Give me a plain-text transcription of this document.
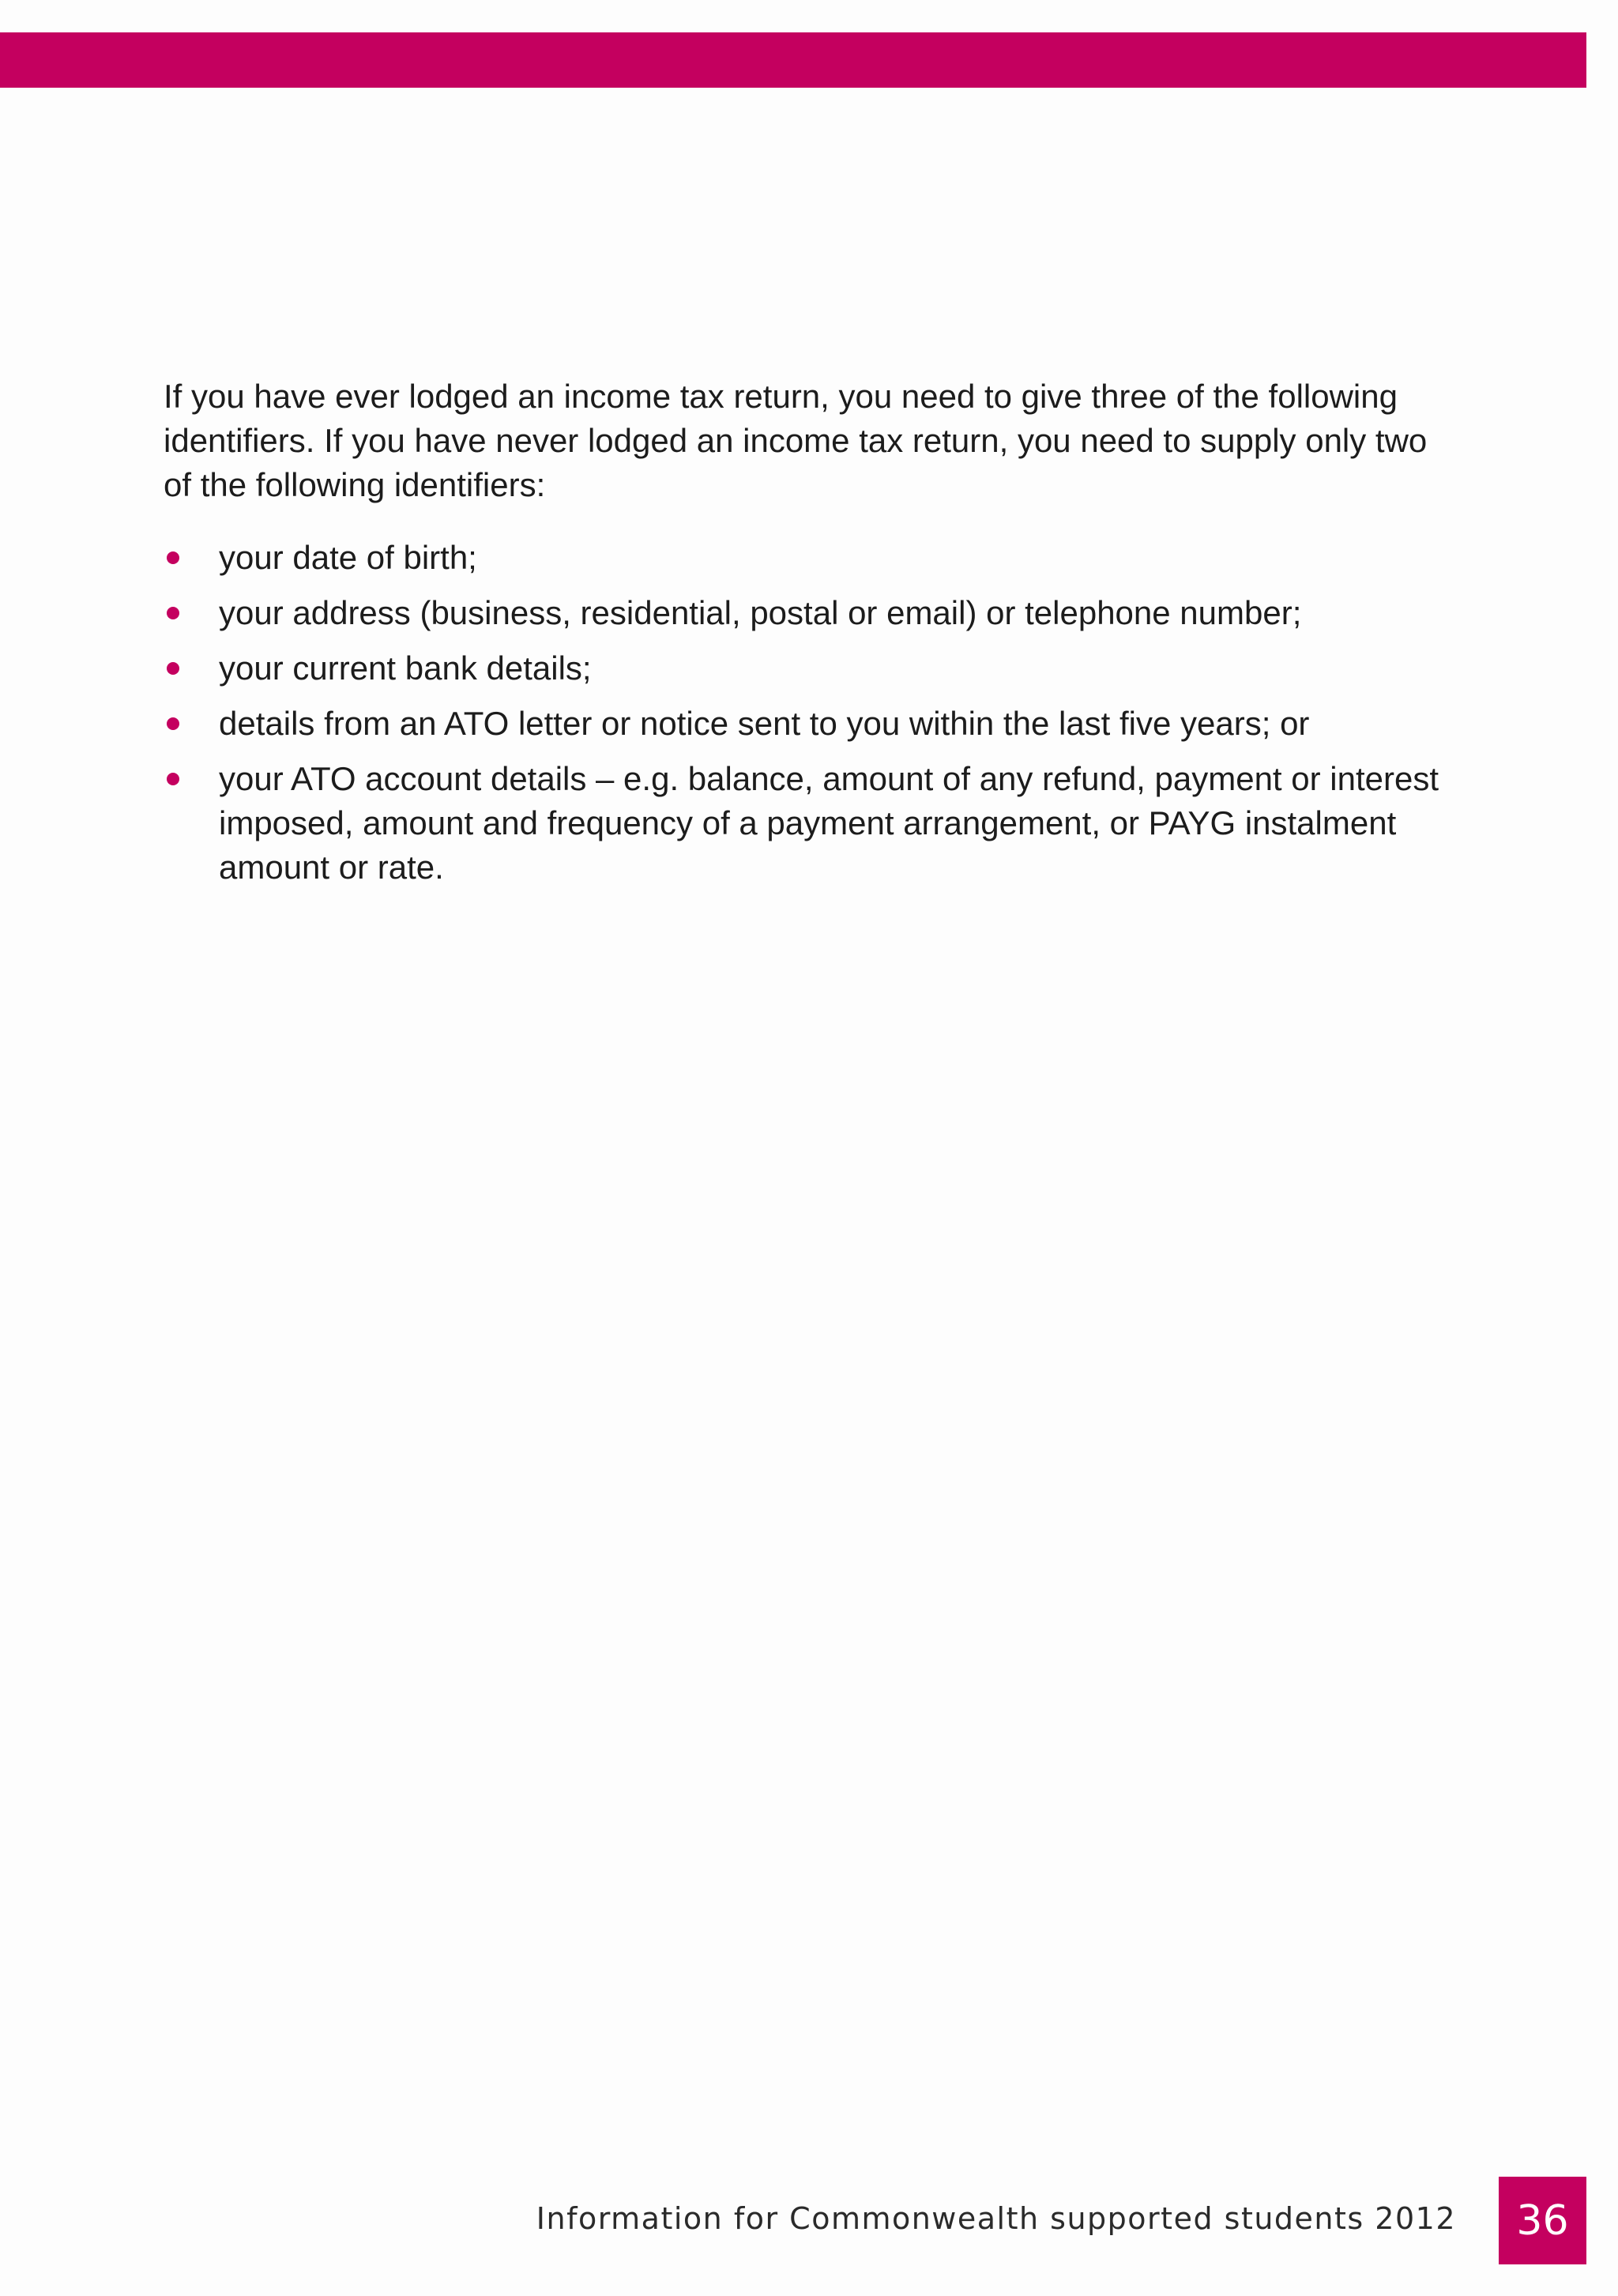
If you have ever lodged an income tax return, you need to give three of the following identifiers. If you have never lodged an income tax return, you need to supply only two of the following identifiers:

your date of birth;
your address (business, residential, postal or email) or telephone number;
your current bank details;
details from an ATO letter or notice sent to you within the last five years; or
your ATO account details – e.g. balance, amount of any refund, payment or interest imposed, amount and frequency of a payment arrangement, or PAYG instalment amount or rate.
Information for Commonwealth supported students 2012	36
